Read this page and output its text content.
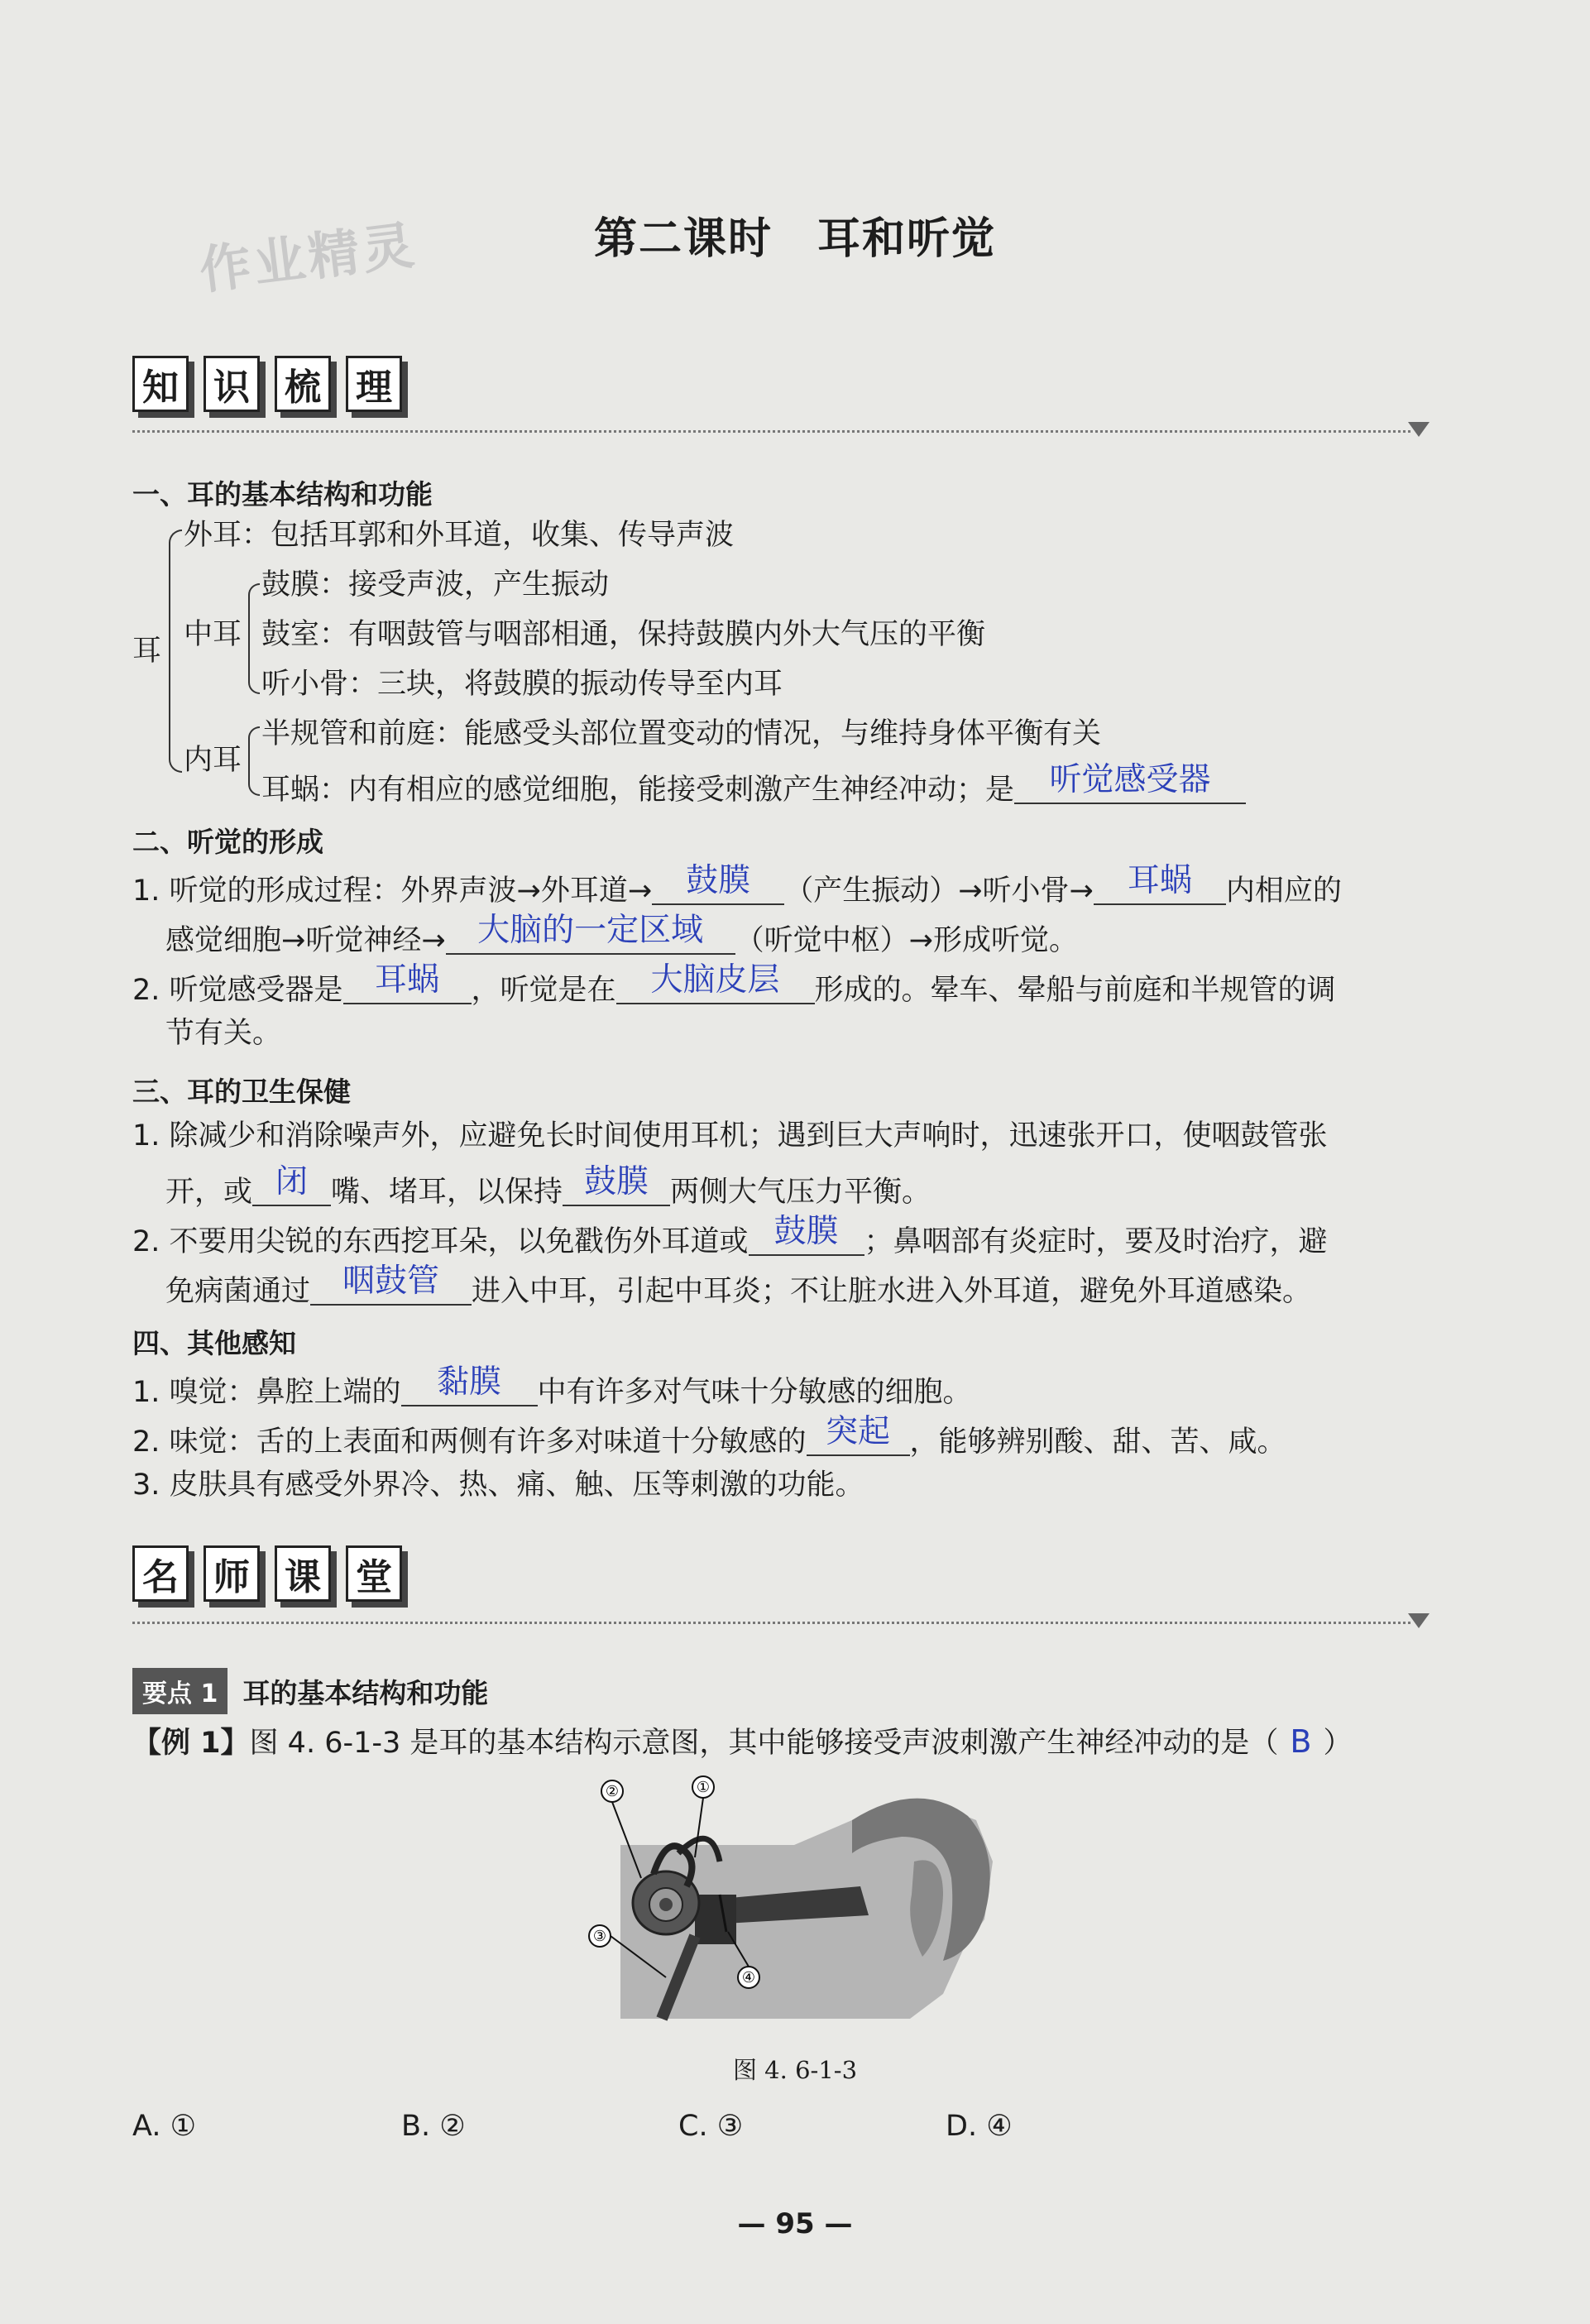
作业精灵	第二课时　耳和听觉
知 识 梳 理
一、耳的基本结构和功能
耳
外耳：包括耳郭和外耳道，收集、传导声波
中耳
鼓膜：接受声波，产生振动
鼓室：有咽鼓管与咽部相通，保持鼓膜内外大气压的平衡
听小骨：三块，将鼓膜的振动传导至内耳
内耳
半规管和前庭：能感受头部位置变动的情况，与维持身体平衡有关
耳蜗：内有相应的感觉细胞，能接受刺激产生神经冲动；是	听觉感受器
二、听觉的形成
1. 听觉的形成过程：外界声波→外耳道→	鼓膜	（产生振动）→听小骨→	耳蜗	内相应的
感觉细胞→听觉神经→ 大脑的一定区域	（听觉中枢）→形成听觉。
2. 听觉感受器是 耳蜗	，听觉是在	大脑皮层	形成的。晕车、晕船与前庭和半规管的调
节有关。
三、耳的卫生保健
1. 除减少和消除噪声外，应避免长时间使用耳机；遇到巨大声响时，迅速张开口，使咽鼓管张
开，或 闭 嘴、堵耳，以保持 鼓膜 两侧大气压力平衡。
2. 不要用尖锐的东西挖耳朵，以免戳伤外耳道或 鼓膜 ；鼻咽部有炎症时，要及时治疗，避
免病菌通过 咽鼓管	进入中耳，引起中耳炎；不让脏水进入外耳道，避免外耳道感染。
四、其他感知
1. 嗅觉：鼻腔上端的	黏膜	中有许多对气味十分敏感的细胞。
2. 味觉：舌的上表面和两侧有许多对味道十分敏感的 突起 ，能够辨别酸、甜、苦、咸。
3. 皮肤具有感受外界冷、热、痛、触、压等刺激的功能。
名 师 课 堂
要点 1 耳的基本结构和功能
【例 1】图 4. 6-1-3 是耳的基本结构示意图，其中能够接受声波刺激产生神经冲动的是（ B ）
②	①
③
④
图 4. 6-1-3
A. ①	B. ②	C. ③	D. ④
— 95 —
